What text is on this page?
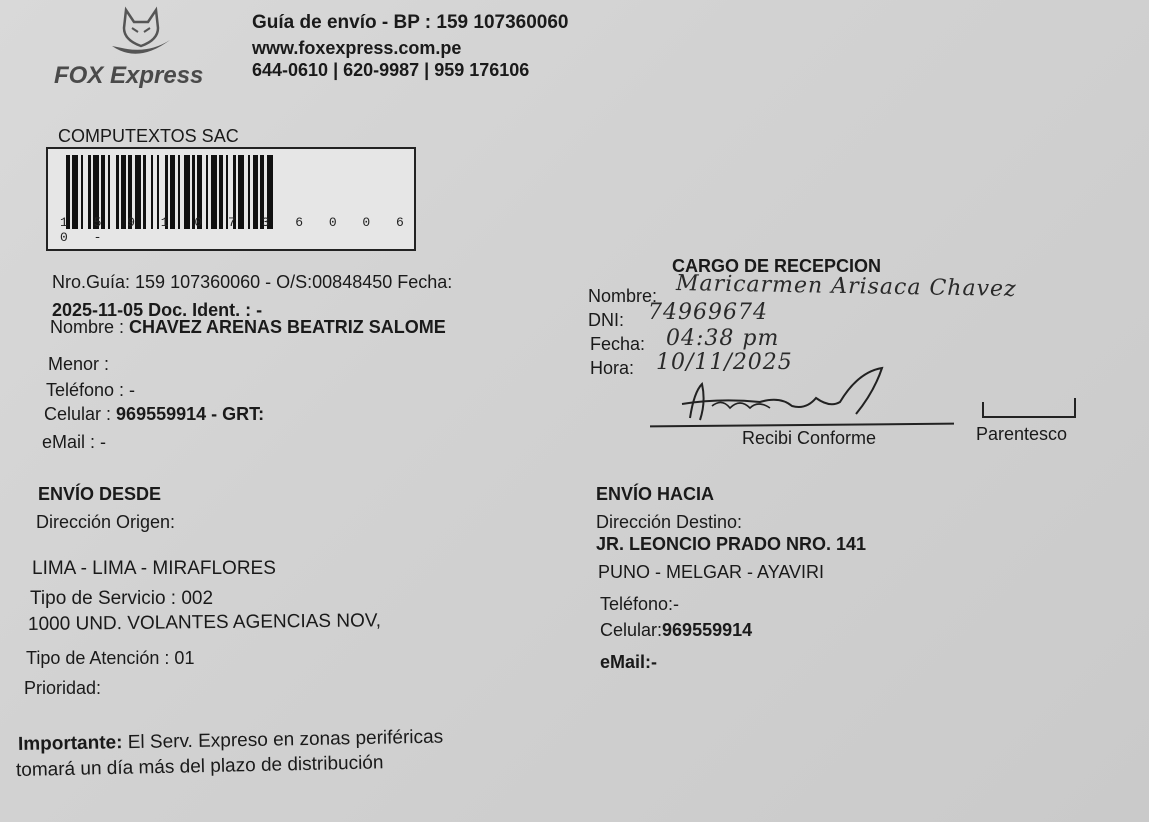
FOX Express
Guía de envío - BP : 159 107360060
www.foxexpress.com.pe
644-0610 | 620-9987 | 959 176106
COMPUTEXTOS SAC
1 5 9 1 0 7 3 6 0 0 6 0 -
Nro.Guía: 159 107360060 - O/S:00848450 Fecha:
2025-11-05 Doc. Ident. : -
Nombre : CHAVEZ ARENAS BEATRIZ SALOME
Menor :
Teléfono : -
Celular : 969559914 - GRT:
eMail : -
CARGO DE RECEPCION
Nombre: Maricarmen Arisaca Chavez
DNI: 74969674
Fecha: 04:38 pm
Hora: 10/11/2025
Recibi Conforme	Parentesco
ENVÍO DESDE
Dirección Origen:
LIMA - LIMA - MIRAFLORES
Tipo de Servicio : 002
1000 UND. VOLANTES AGENCIAS NOV,
Tipo de Atención : 01
Prioridad:
ENVÍO HACIA
Dirección Destino:
JR. LEONCIO PRADO NRO. 141
PUNO - MELGAR - AYAVIRI
Teléfono:-
Celular:969559914
eMail:-
Importante: El Serv. Expreso en zonas periféricas
tomará un día más del plazo de distribución
